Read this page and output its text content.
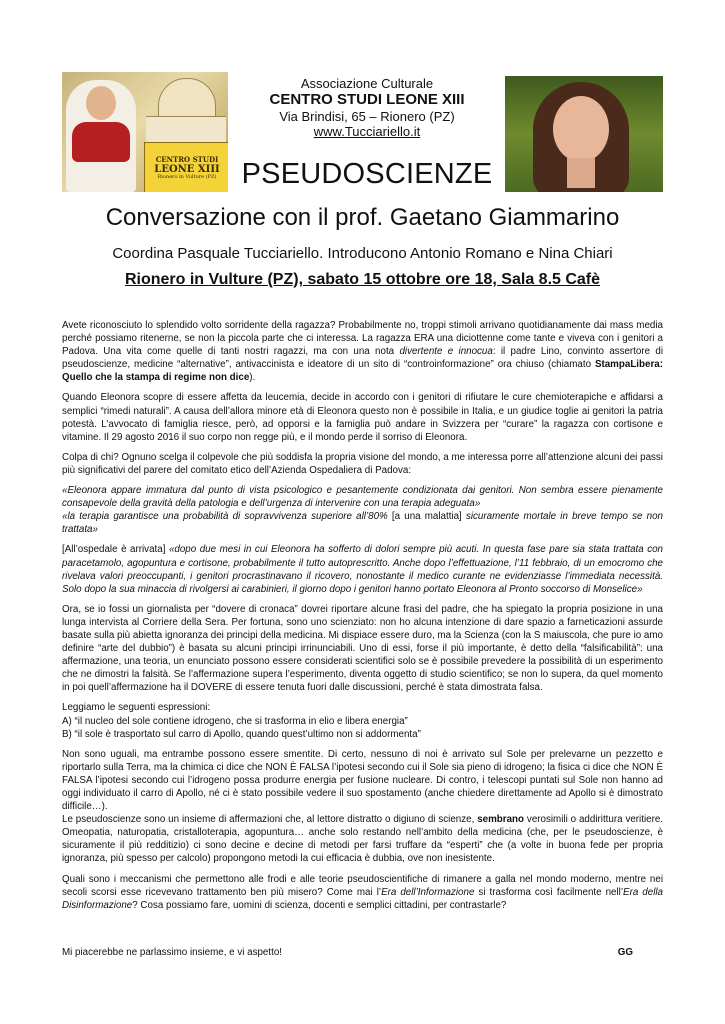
CENTRO STUDI
LEONE XIII
Rionero in Vulture (PZ)
Associazione Culturale
CENTRO STUDI LEONE XIII
Via Brindisi, 65 – Rionero (PZ)
www.Tucciariello.it
PSEUDOSCIENZE
Conversazione con il prof. Gaetano Giammarino
Coordina Pasquale Tucciariello. Introducono Antonio Romano e Nina Chiari
Rionero in Vulture (PZ), sabato 15 ottobre ore 18, Sala 8.5 Cafè

Avete riconosciuto lo splendido volto sorridente della ragazza? Probabilmente no, troppi stimoli arrivano quotidianamente dai mass media perché possiamo ritenerne, se non la piccola parte che ci interessa. La ragazza ERA una diciottenne come tante e viveva con i genitori a Padova. Una vita come quelle di tanti nostri ragazzi, ma con una nota divertente e innocua: il padre Lino, convinto assertore di pseudoscienze, medicine “alternative”, antivaccinista e ideatore di un sito di “controinformazione” ora chiuso (chiamato StampaLibera: Quello che la stampa di regime non dice).

Quando Eleonora scopre di essere affetta da leucemia, decide in accordo con i genitori di rifiutare le cure chemioterapiche e affidarsi a semplici “rimedi naturali”. A causa dell’allora minore età di Eleonora questo non è possibile in Italia, e un giudice toglie ai genitori la patria potestà. L’avvocato di famiglia riesce, però, ad opporsi e la famiglia può andare in Svizzera per “curare” la ragazza con cortisone e vitamine. Il 29 agosto 2016 il suo corpo non regge più, e il mondo perde il sorriso di Eleonora.

Colpa di chi? Ognuno scelga il colpevole che più soddisfa la propria visione del mondo, a me interessa porre all’attenzione alcuni dei passi più significativi del parere del comitato etico dell’Azienda Ospedaliera di Padova:

«Eleonora appare immatura dal punto di vista psicologico e pesantemente condizionata dai genitori. Non sembra essere pienamente consapevole della gravità della patologia e dell’urgenza di intervenire con una terapia adeguata»

«la terapia garantisce una probabilità di sopravvivenza superiore all’80% [a una malattia] sicuramente mortale in breve tempo se non trattata»

[All’ospedale è arrivata] «dopo due mesi in cui Eleonora ha sofferto di dolori sempre più acuti. In questa fase pare sia stata trattata con paracetamolo, agopuntura e cortisone, probabilmente il tutto autoprescritto. Anche dopo l’effettuazione, l’11 febbraio, di un emocromo che rivelava valori preoccupanti, i genitori procrastinavano il ricovero, nonostante il medico curante ne evidenziasse l’immediata necessità. Solo dopo la sua minaccia di rivolgersi ai carabinieri, il giorno dopo i genitori hanno portato Eleonora al Pronto soccorso di Monselice»

Ora, se io fossi un giornalista per “dovere di cronaca” dovrei riportare alcune frasi del padre, che ha spiegato la propria posizione in una lunga intervista al Corriere della Sera. Per fortuna, sono uno scienziato: non ho alcuna intenzione di dare spazio a farneticazioni assurde basate sulla più abietta ignoranza dei principi della medicina. Mi dispiace essere duro, ma la Scienza (con la S maiuscola, che pure io amo definire “arte del dubbio”) è basata su alcuni principi irrinunciabili. Uno di essi, forse il più importante, è detto della “falsificabilità”: una affermazione, una teoria, un enunciato possono essere considerati scientifici solo se è possibile prevedere la possibilità di un esperimento che ne dimostri la falsità. Se l’affermazione supera l’esperimento, diventa oggetto di studio scientifico; se non lo supera, da quel momento in poi quell’affermazione ha il DOVERE di essere tenuta fuori dalle discussioni, perché è stata dimostrata falsa.

Leggiamo le seguenti espressioni:

A) “il nucleo del sole contiene idrogeno, che si trasforma in elio e libera energia”

B) “il sole è trasportato sul carro di Apollo, quando quest’ultimo non si addormenta”

Non sono uguali, ma entrambe possono essere smentite. Di certo, nessuno di noi è arrivato sul Sole per prelevarne un pezzetto e riportarlo sulla Terra, ma la chimica ci dice che NON È FALSA l’ipotesi secondo cui il Sole sia pieno di idrogeno; la fisica ci dice che NON È FALSA l’ipotesi secondo cui l’idrogeno possa produrre energia per fusione nucleare. Di contro, i telescopi puntati sul Sole non hanno ad oggi individuato il carro di Apollo, né ci è stato possibile vedere il suo spostamento (anche chiedere direttamente ad Apollo si è dimostrato difficile…).

Le pseudoscienze sono un insieme di affermazioni che, al lettore distratto o digiuno di scienze, sembrano verosimili o addirittura veritiere. Omeopatia, naturopatia, cristalloterapia, agopuntura… anche solo restando nell’ambito della medicina (che, per le pseudoscienze, è sicuramente il più redditizio) ci sono decine e decine di metodi per farsi truffare da “esperti” che (a volte in buona fede per propria ignoranza, più spesso per calcolo) propongono metodi la cui efficacia è dubbia, ove non inesistente.

Quali sono i meccanismi che permettono alle frodi e alle teorie pseudoscientifiche di rimanere a galla nel mondo moderno, mentre nei secoli scorsi esse ricevevano trattamento ben più misero? Come mai l’Era dell’Informazione si trasforma così facilmente nell’Era della Disinformazione? Cosa possiamo fare, uomini di scienza, docenti e semplici cittadini, per contrastarle?

Mi piacerebbe ne parlassimo insieme, e vi aspetto!	GG
